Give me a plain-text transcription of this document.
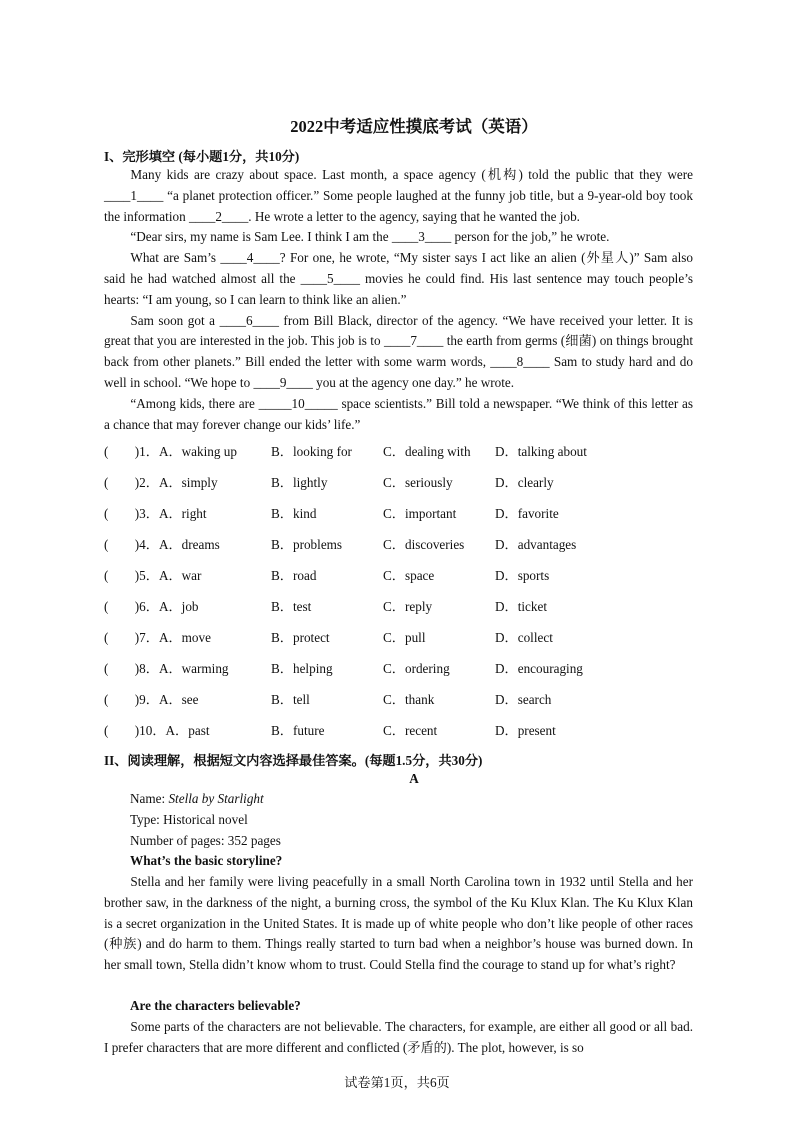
2022中考适应性摸底考试（英语）
I、完形填空 (每小题1分，共10分)

Many kids are crazy about space. Last month, a space agency (机构) told the public that they were ____1____ “a planet protection officer.” Some people laughed at the funny job title, but a 9-year-old boy took the information ____2____. He wrote a letter to the agency, saying that he wanted the job.

“Dear sirs, my name is Sam Lee. I think I am the ____3____ person for the job,” he wrote.

What are Sam’s ____4____? For one, he wrote, “My sister says I act like an alien (外星人)” Sam also said he had watched almost all the ____5____ movies he could find. His last sentence may touch people’s hearts: “I am young, so I can learn to think like an alien.”

Sam soon got a ____6____ from Bill Black, director of the agency. “We have received your letter. It is great that you are interested in the job. This job is to ____7____ the earth from germs (细菌) on things brought back from other planets.” Bill ended the letter with some warm words, ____8____ Sam to study hard and do well in school. “We hope to ____9____ you at the agency one day.” he wrote.

“Among kids, there are _____10_____ space scientists.” Bill told a newspaper. “We think of this letter as a chance that may forever change our kids’ life.”

(　　)1．A．waking up	B．looking for C．dealing with D．talking about
(　　)2．A．simply	B．lightly	C．seriously	D．clearly
(　　)3．A．right	B．kind	C．important	D．favorite
(　　)4．A．dreams	B．problems	C．discoveries D．advantages
(　　)5．A．war	B．road	C．space	D．sports
(　　)6．A．job	B．test	C．reply	D．ticket
(　　)7．A．move	B．protect	C．pull	D．collect
(　　)8．A．warming	B．helping	C．ordering	D．encouraging
(　　)9．A．see	B．tell	C．thank	D．search
(　　)10．A．past	B．future	C．recent	D．present
II、阅读理解，根据短文内容选择最佳答案。(每题1.5分，共30分)
A
Name: Stella by Starlight
Type: Historical novel
Number of pages: 352 pages
What’s the basic storyline?

Stella and her family were living peacefully in a small North Carolina town in 1932 until Stella and her brother saw, in the darkness of the night, a burning cross, the symbol of the Ku Klux Klan. The Ku Klux Klan is a secret organization in the United States. It is made up of white people who don’t like people of other races (种族) and do harm to them. Things really started to turn bad when a neighbor’s house was burned down. In her small town, Stella didn’t know whom to trust. Could Stella find the courage to stand up for what’s right?

Are the characters believable?

Some parts of the characters are not believable. The characters, for example, are either all good or all bad. I prefer characters that are more different and conflicted (矛盾的). The plot, however, is so

试卷第1页，共6页
